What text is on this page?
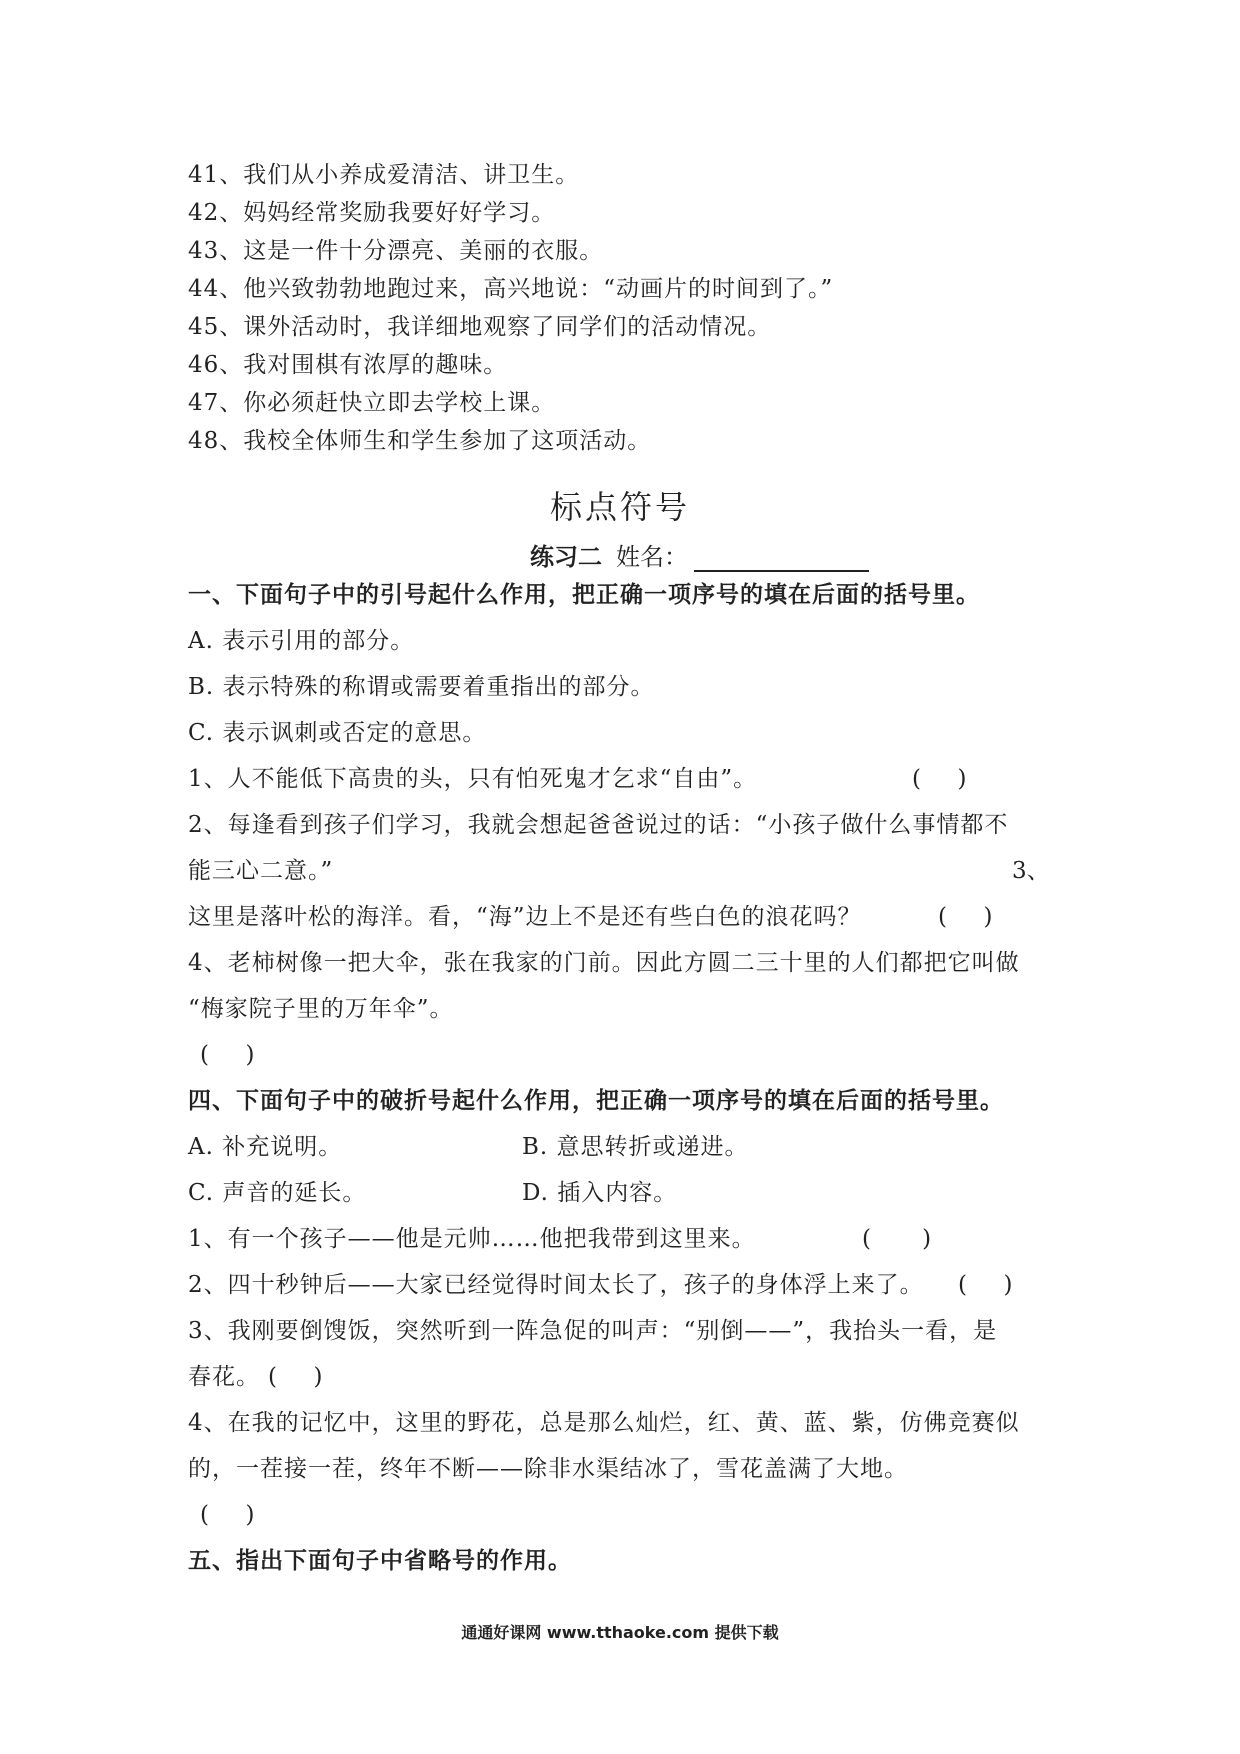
41、我们从小养成爱清洁、讲卫生。
42、妈妈经常奖励我要好好学习。
43、这是一件十分漂亮、美丽的衣服。
44、他兴致勃勃地跑过来，高兴地说：“动画片的时间到了。”
45、课外活动时，我详细地观察了同学们的活动情况。
46、我对围棋有浓厚的趣味。
47、你必须赶快立即去学校上课。
48、我校全体师生和学生参加了这项活动。
标点符号
练习二 姓名：
一、下面句子中的引号起什么作用，把正确一项序号的填在后面的括号里。
A. 表示引用的部分。
B. 表示特殊的称谓或需要着重指出的部分。
C. 表示讽刺或否定的意思。
1、人不能低下高贵的头，只有怕死鬼才乞求“自由”。	(     )
2、每逢看到孩子们学习，我就会想起爸爸说过的话：“小孩子做什么事情都不
能三心二意。”	3、
这里是落叶松的海洋。看，“海”边上不是还有些白色的浪花吗？	(     )
4、老柿树像一把大伞，张在我家的门前。因此方圆二三十里的人们都把它叫做
“梅家院子里的万年伞”。
(     )
四、下面句子中的破折号起什么作用，把正确一项序号的填在后面的括号里。
A. 补充说明。	B. 意思转折或递进。
C. 声音的延长。	D. 插入内容。
1、有一个孩子——他是元帅……他把我带到这里来。	(       )
2、四十秒钟后——大家已经觉得时间太长了，孩子的身体浮上来了。 (     )
3、我刚要倒馊饭，突然听到一阵急促的叫声：“别倒——”，我抬头一看，是
春花。 (     )
4、在我的记忆中，这里的野花，总是那么灿烂，红、黄、蓝、紫，仿佛竞赛似
的，一茬接一茬，终年不断——除非水渠结冰了，雪花盖满了大地。
(     )
五、指出下面句子中省略号的作用。
通通好课网 www.tthaoke.com 提供下载
